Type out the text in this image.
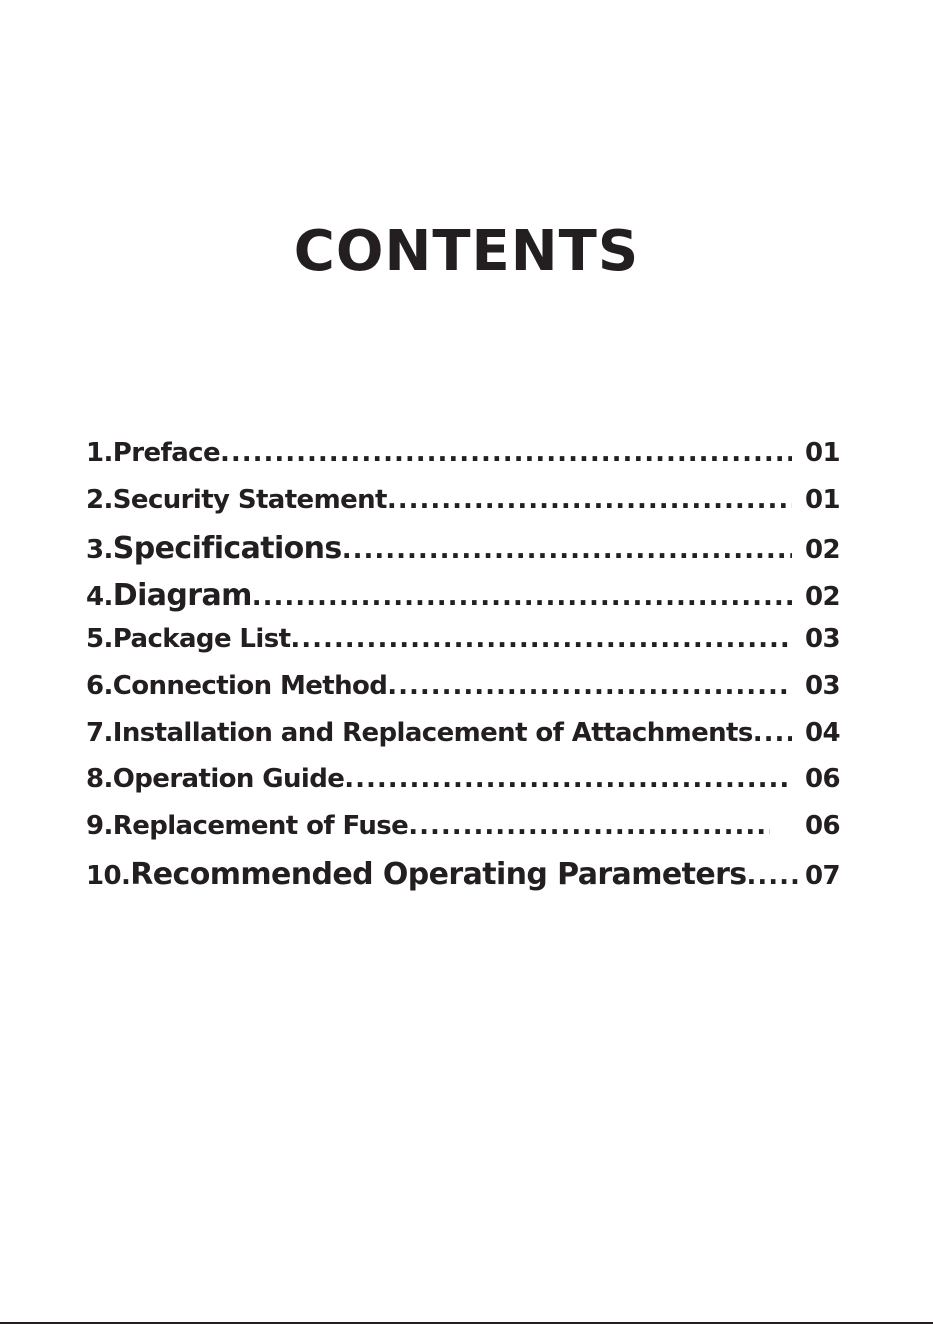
CONTENTS
1. Preface .....	01
2. Security Statement .....	01
3. Specifications .....	02
4. Diagram .....	02
5. Package List .....	03
6. Connection Method .....	03
7. Installation and Replacement of Attachments ..... 04
8. Operation Guide .....	06
9. Replacement of Fuse .....	06
10. Recommended Operating Parameters ..... 07
